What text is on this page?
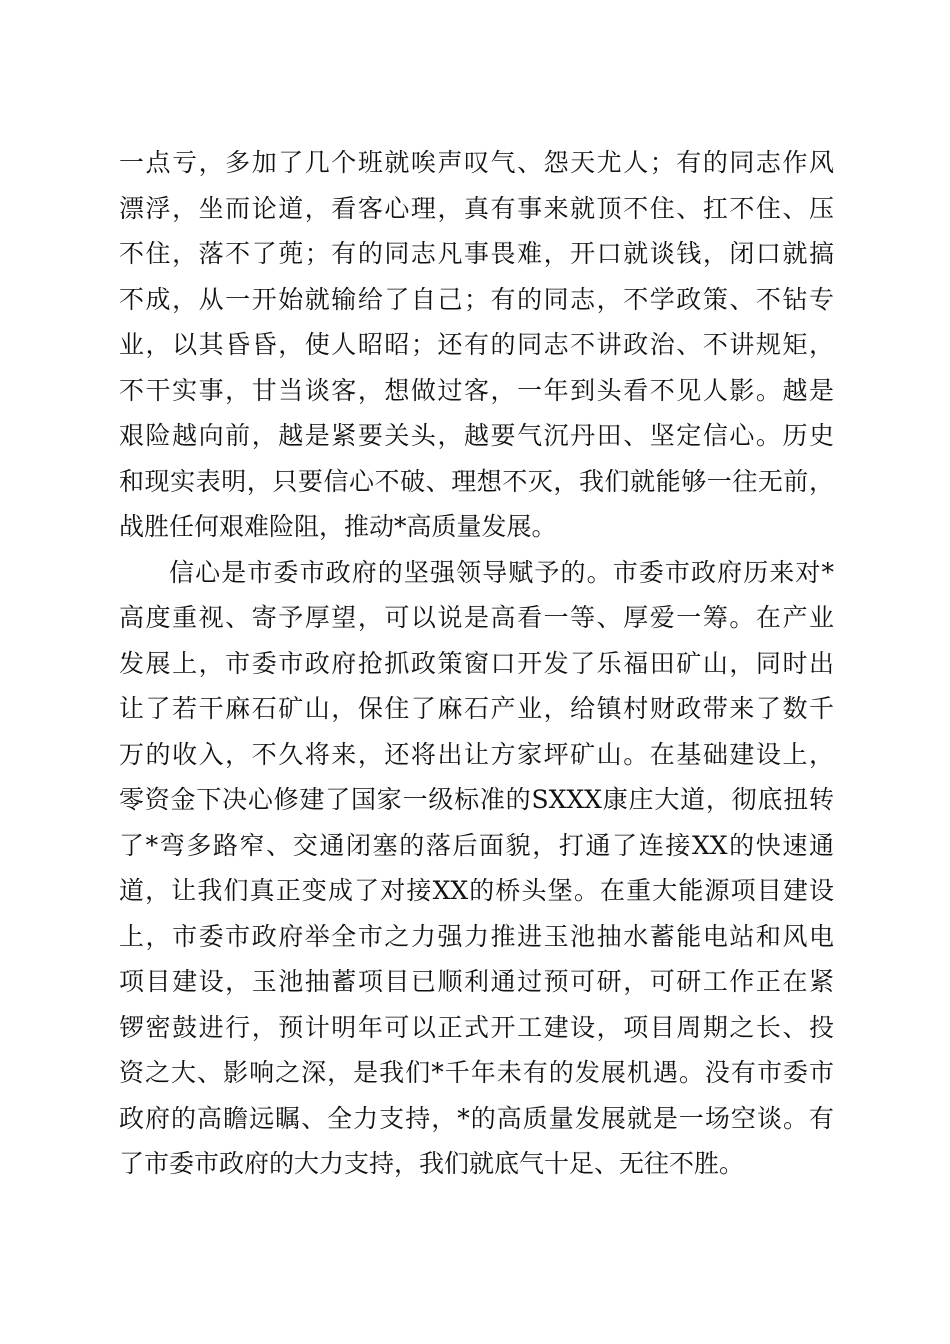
一点亏，多加了几个班就唉声叹气、怨天尤人；有的同志作风
漂浮，坐而论道，看客心理，真有事来就顶不住、扛不住、压
不住，落不了蔸；有的同志凡事畏难，开口就谈钱，闭口就搞
不成，从一开始就输给了自己；有的同志，不学政策、不钻专
业，以其昏昏，使人昭昭；还有的同志不讲政治、不讲规矩，
不干实事，甘当谈客，想做过客，一年到头看不见人影。越是
艰险越向前，越是紧要关头，越要气沉丹田、坚定信心。历史
和现实表明，只要信心不破、理想不灭，我们就能够一往无前，
战胜任何艰难险阻，推动*高质量发展。
信心是市委市政府的坚强领导赋予的。市委市政府历来对*
高度重视、寄予厚望，可以说是高看一等、厚爱一筹。在产业
发展上，市委市政府抢抓政策窗口开发了乐福田矿山，同时出
让了若干麻石矿山，保住了麻石产业，给镇村财政带来了数千
万的收入，不久将来，还将出让方家坪矿山。在基础建设上，
零资金下决心修建了国家一级标准的SXXX康庄大道，彻底扭转
了*弯多路窄、交通闭塞的落后面貌，打通了连接XX的快速通
道，让我们真正变成了对接XX的桥头堡。在重大能源项目建设
上，市委市政府举全市之力强力推进玉池抽水蓄能电站和风电
项目建设，玉池抽蓄项目已顺利通过预可研，可研工作正在紧
锣密鼓进行，预计明年可以正式开工建设，项目周期之长、投
资之大、影响之深，是我们*千年未有的发展机遇。没有市委市
政府的高瞻远瞩、全力支持，*的高质量发展就是一场空谈。有
了市委市政府的大力支持，我们就底气十足、无往不胜。
